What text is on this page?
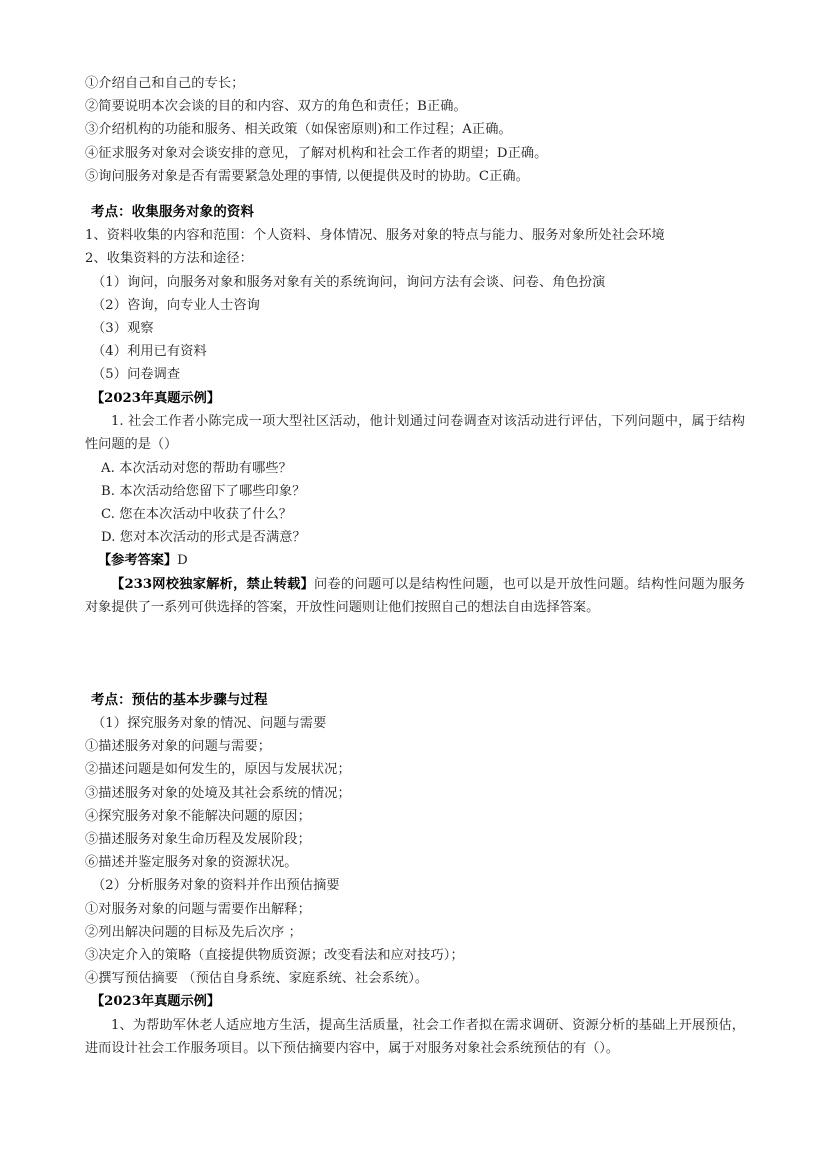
①介绍自己和自己的专长；
②简要说明本次会谈的目的和内容、双方的角色和责任；B正确。
③介绍机构的功能和服务、相关政策（如保密原则)和工作过程；A正确。
④征求服务对象对会谈安排的意见，了解对机构和社会工作者的期望；D正确。
⑤询问服务对象是否有需要紧急处理的事情, 以便提供及时的协助。C正确。
考点：收集服务对象的资料
1、资料收集的内容和范围：个人资料、身体情况、服务对象的特点与能力、服务对象所处社会环境
2、收集资料的方法和途径：
（1）询问，向服务对象和服务对象有关的系统询问，询问方法有会谈、问卷、角色扮演
（2）咨询，向专业人士咨询
（3）观察
（4）利用已有资料
（5）问卷调查
【2023年真题示例】

1. 社会工作者小陈完成一项大型社区活动，他计划通过问卷调查对该活动进行评估，下列问题中，属于结构性问题的是（）

A. 本次活动对您的帮助有哪些？
B. 本次活动给您留下了哪些印象？
C. 您在本次活动中收获了什么？
D. 您对本次活动的形式是否满意？

【参考答案】D

【233网校独家解析，禁止转载】问卷的问题可以是结构性问题，也可以是开放性问题。结构性问题为服务对象提供了一系列可供选择的答案，开放性问题则让他们按照自己的想法自由选择答案。

考点：预估的基本步骤与过程
（1）探究服务对象的情况、问题与需要
①描述服务对象的问题与需要；
②描述问题是如何发生的，原因与发展状况；
③描述服务对象的处境及其社会系统的情况；
④探究服务对象不能解决问题的原因；
⑤描述服务对象生命历程及发展阶段；
⑥描述并鉴定服务对象的资源状况。
（2）分析服务对象的资料并作出预估摘要
①对服务对象的问题与需要作出解释；
②列出解决问题的目标及先后次序 ；
③决定介入的策略（直接提供物质资源；改变看法和应对技巧）；
④撰写预估摘要 （预估自身系统、家庭系统、社会系统）。
【2023年真题示例】

1、为帮助军休老人适应地方生活，提高生活质量，社会工作者拟在需求调研、资源分析的基础上开展预估，进而设计社会工作服务项目。以下预估摘要内容中，属于对服务对象社会系统预估的有（）。
